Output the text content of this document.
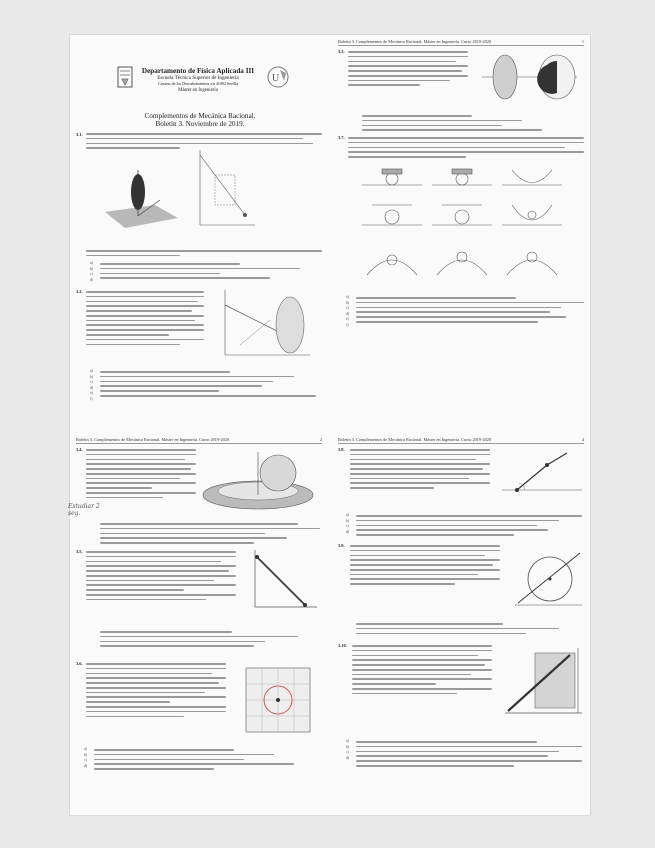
Departamento de Física Aplicada III
Escuela Técnica Superior de Ingeniería
Camino de los Descubrimientos s/n 41092 Sevilla
Máster en Ingeniería
U
Complementos de Mecánica Racional.
Boletín 3. Noviembre de 2019.
3.1.
a)
b)
c)
d)
3.2.
a)
b)
c)
d)
e)
f)
Boletín 3. Complementos de Mecánica Racional. Máster en Ingeniería. Curso 2019-2020	1
3.3.
3.7.
a)
b)
c)
d)
e)
f)
Boletín 3. Complementos de Mecánica Racional. Máster en Ingeniería. Curso 2019-2020	2
3.4.
Estudiar 2 seg.
3.5.
3.6.
a)
b)
c)
d)
Boletín 3. Complementos de Mecánica Racional. Máster en Ingeniería. Curso 2019-2020	4
3.8.
a)
b)
c)
d)
3.9.
3.10.
a)
b)
c)
d)
